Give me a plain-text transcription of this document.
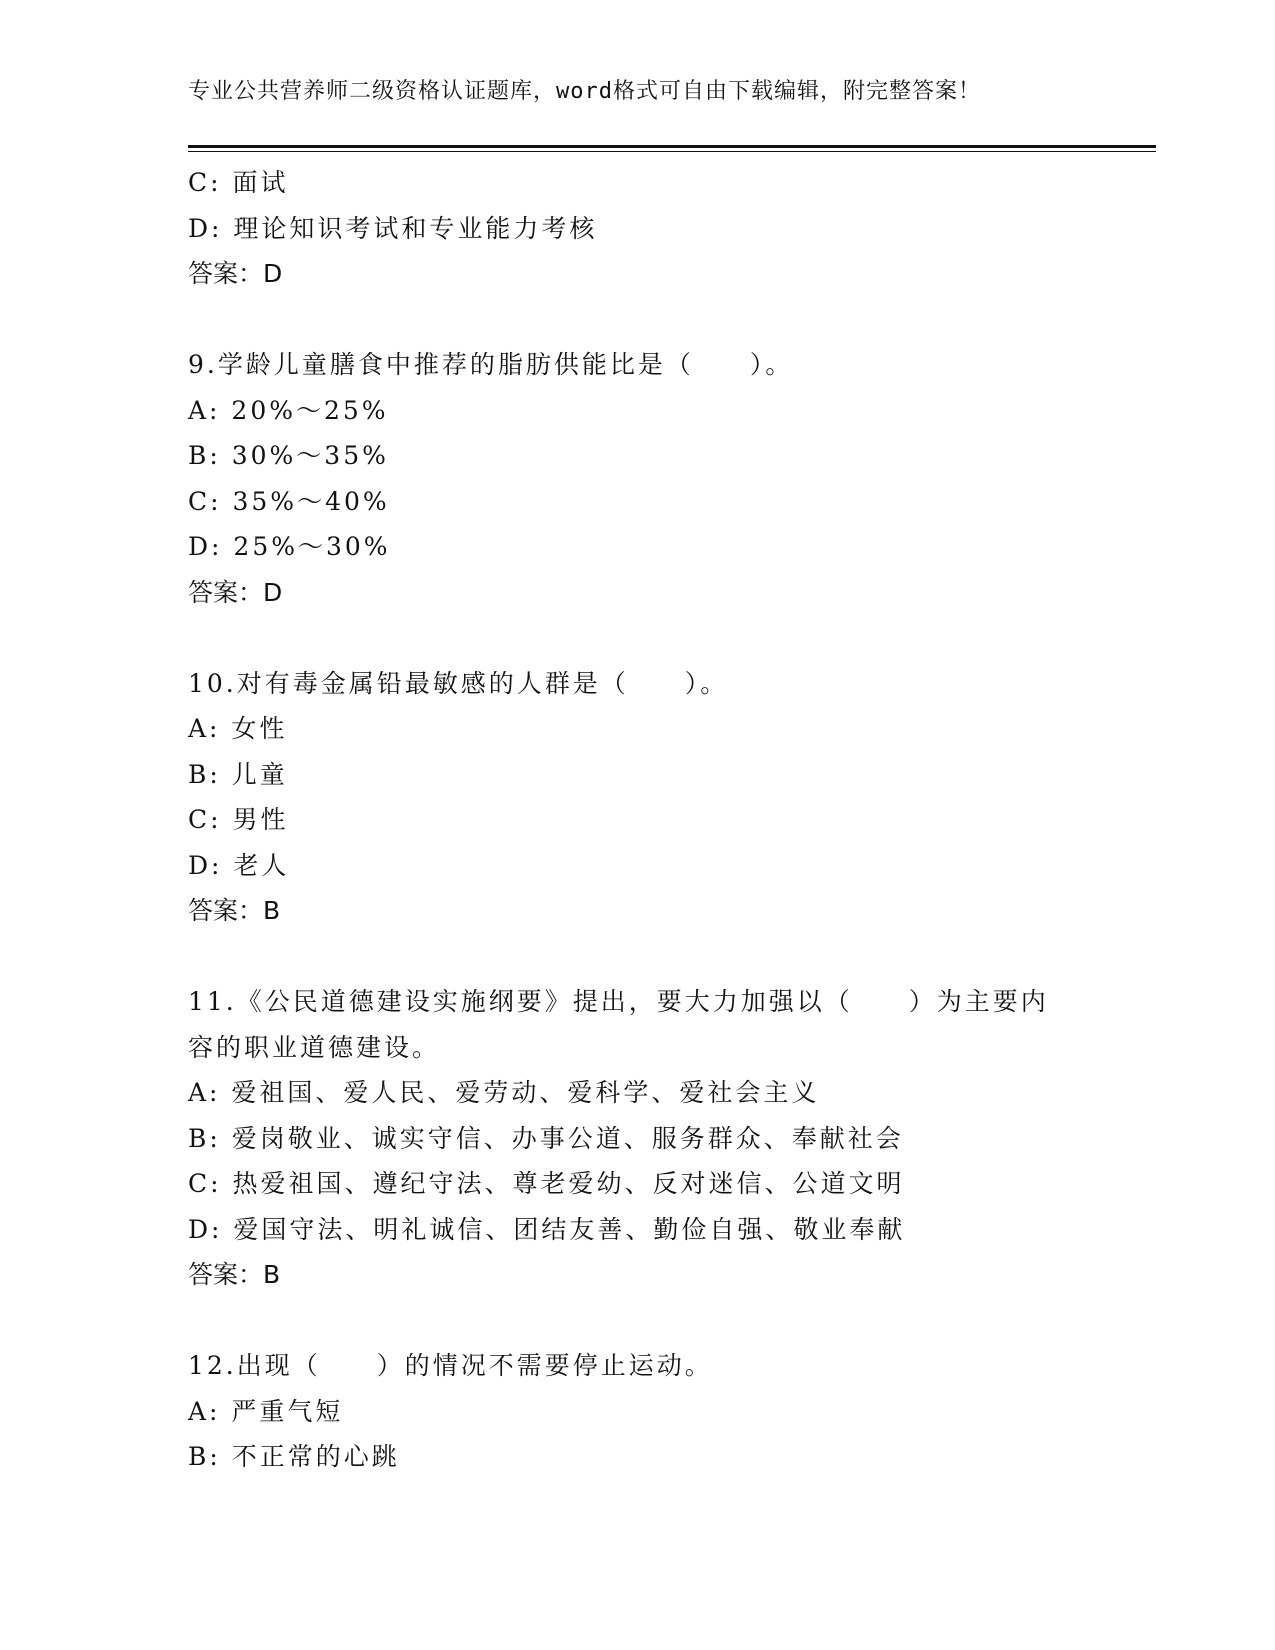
专业公共营养师二级资格认证题库，word格式可自由下载编辑，附完整答案！
C: 面试
D: 理论知识考试和专业能力考核
答案：D
9.学龄儿童膳食中推荐的脂肪供能比是（　　）。
A: 20%～25%
B: 30%～35%
C: 35%～40%
D: 25%～30%
答案：D
10.对有毒金属铅最敏感的人群是（　　）。
A: 女性
B: 儿童
C: 男性
D: 老人
答案：B
11.《公民道德建设实施纲要》提出，要大力加强以（　　）为主要内容的职业道德建设。
A: 爱祖国、爱人民、爱劳动、爱科学、爱社会主义
B: 爱岗敬业、诚实守信、办事公道、服务群众、奉献社会
C: 热爱祖国、遵纪守法、尊老爱幼、反对迷信、公道文明
D: 爱国守法、明礼诚信、团结友善、勤俭自强、敬业奉献
答案：B
12.出现（　　）的情况不需要停止运动。
A: 严重气短
B: 不正常的心跳
